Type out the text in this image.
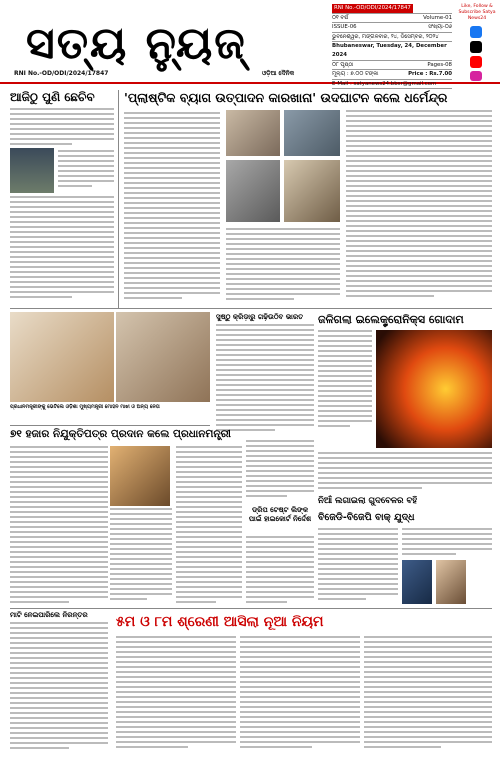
ସତ୍ୟ ନ୍ୟୁଜ
RNI No.-OD/ODI/2024/17847	ଓଡ଼ିଆ ଦୈନିକ
RNI No.-OD/ODI/2024/17847
୦୧ ବର୍ଷ	Volume-01
ISSUE-06	ସଂଖ୍ୟା-୦୬
ଭୁବନେଶ୍ୱର, ମଙ୍ଗଳବାର, ୨୪, ଡିସେମ୍ବର, ୨୦୨୪
Bhubaneswar, Tuesday, 24, December 2024
୦୮ ପୃଷ୍ଠା	Pages-08
ମୂଲ୍ୟ : ୭.୦୦ ଟଙ୍କା	Price : Rs.7.00
E-Mail : satyanews24.bbsr@gmail.com
Like, Follow & Subscribe Satya News24
ଆଜିଠୁ ପୁଣି ଛେଚିବ 'ପ୍ଲାଷ୍ଟିକ ବ୍ୟାଗ ଉତ୍ପାଦନ କାରଖାନା' ଉଦଘାଟନ କଲେ ଧର୍ମେନ୍ଦ୍ର
ପ୍ରଧାନମନ୍ତ୍ରୀଙ୍କୁ ଭେଟିଲେ ଓଡ଼ିଶା ମୁଖ୍ୟମନ୍ତ୍ରୀ ମୋହନ ମାଝୀ ଓ ଅନ୍ୟ ନେତା
ସୁଷ୍ଠୁ କ୍ରିଡ଼ାରୁ ଗଢ଼ିଉଠିବ ଭାରତ ଜଳିଗଲା ଇଲେକ୍ଟ୍ରୋନିକ୍ସ ଗୋଦାମ
୭୧ ହଜାର ନିଯୁକ୍ତିପତ୍ର ପ୍ରଦାନ କଲେ ପ୍ରଧାନମନ୍ତ୍ରୀ
ଡ୍ରିପ ଟେଷ୍ଟ ଲିଙ୍କ ପାଇଁ ହାଇକୋର୍ଟ ନିର୍ଦ୍ଦେଶ
ନିଆଁ ଲଗାଇଲା ଗୁଦବେଳର ବହି
ବିଜେଡି-ବିଜେପି ବାକ୍ ଯୁଦ୍ଧ
ମାଟି ନେଇପାରିଲେ ନିରନ୍ତର ୫ମ ଓ ୮ମ ଶ୍ରେଣୀ ଆସିଲା ନୂଆ ନିୟମ
